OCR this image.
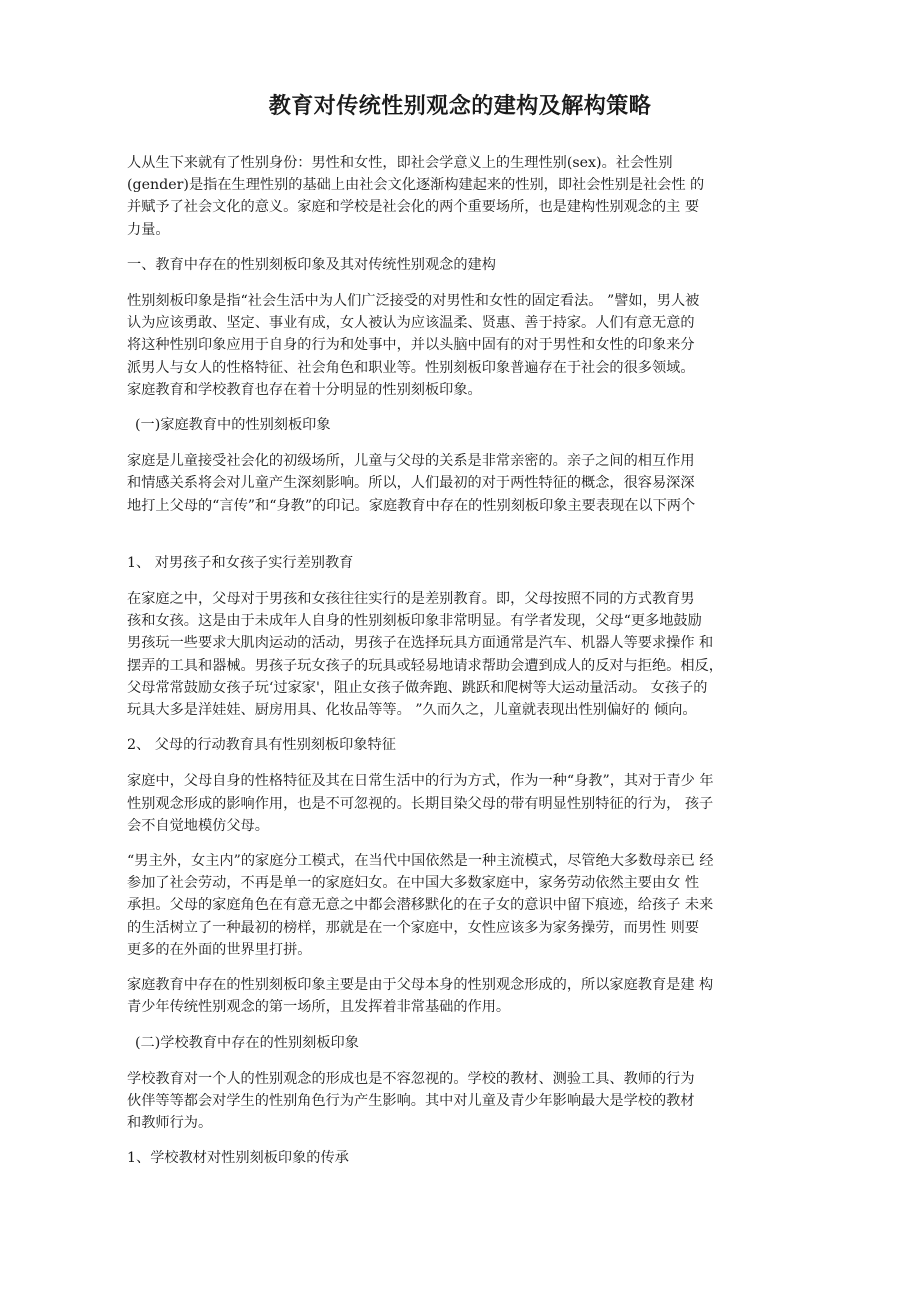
教育对传统性别观念的建构及解构策略
人从生下来就有了性别身份：男性和女性，即社会学意义上的生理性别(sex)。社会性别
(gender)是指在生理性别的基础上由社会文化逐渐构建起来的性别，即社会性别是社会性 的
并赋予了社会文化的意义。家庭和学校是社会化的两个重要场所，也是建构性别观念的主 要
力量。
一、教育中存在的性别刻板印象及其对传统性别观念的建构
性别刻板印象是指“社会生活中为人们广泛接受的对男性和女性的固定看法。 ”譬如，男人被
认为应该勇敢、坚定、事业有成，女人被认为应该温柔、贤惠、善于持家。人们有意无意的
将这种性别印象应用于自身的行为和处事中，并以头脑中固有的对于男性和女性的印象来分
派男人与女人的性格特征、社会角色和职业等。性别刻板印象普遍存在于社会的很多领域。
家庭教育和学校教育也存在着十分明显的性别刻板印象。
(一)家庭教育中的性别刻板印象
家庭是儿童接受社会化的初级场所，儿童与父母的关系是非常亲密的。亲子之间的相互作用
和情感关系将会对儿童产生深刻影响。所以，人们最初的对于两性特征的概念，很容易深深
地打上父母的“言传”和“身教”的印记。家庭教育中存在的性别刻板印象主要表现在以下两个
1、 对男孩子和女孩子实行差别教育
在家庭之中，父母对于男孩和女孩往往实行的是差别教育。即，父母按照不同的方式教育男
孩和女孩。这是由于未成年人自身的性别刻板印象非常明显。有学者发现，父母“更多地鼓励
男孩玩一些要求大肌肉运动的活动，男孩子在选择玩具方面通常是汽车、机器人等要求操作 和
摆弄的工具和器械。男孩子玩女孩子的玩具或轻易地请求帮助会遭到成人的反对与拒绝。相反，
父母常常鼓励女孩子玩‘过家家'，阻止女孩子做奔跑、跳跃和爬树等大运动量活动。 女孩子的
玩具大多是洋娃娃、厨房用具、化妆品等等。 ”久而久之，儿童就表现出性别偏好的 倾向。
2、 父母的行动教育具有性别刻板印象特征
家庭中，父母自身的性格特征及其在日常生活中的行为方式，作为一种“身教”，其对于青少 年
性别观念形成的影响作用，也是不可忽视的。长期目染父母的带有明显性别特征的行为， 孩子
会不自觉地模仿父母。
“男主外，女主内”的家庭分工模式，在当代中国依然是一种主流模式，尽管绝大多数母亲已 经
参加了社会劳动，不再是单一的家庭妇女。在中国大多数家庭中，家务劳动依然主要由女 性
承担。父母的家庭角色在有意无意之中都会潜移默化的在子女的意识中留下痕迹，给孩子 未来
的生活树立了一种最初的榜样，那就是在一个家庭中，女性应该多为家务操劳，而男性 则要
更多的在外面的世界里打拼。
家庭教育中存在的性别刻板印象主要是由于父母本身的性别观念形成的，所以家庭教育是建 构
青少年传统性别观念的第一场所，且发挥着非常基础的作用。
(二)学校教育中存在的性别刻板印象
学校教育对一个人的性别观念的形成也是不容忽视的。学校的教材、测验工具、教师的行为
伙伴等等都会对学生的性别角色行为产生影响。其中对儿童及青少年影响最大是学校的教材
和教师行为。
1、学校教材对性别刻板印象的传承
